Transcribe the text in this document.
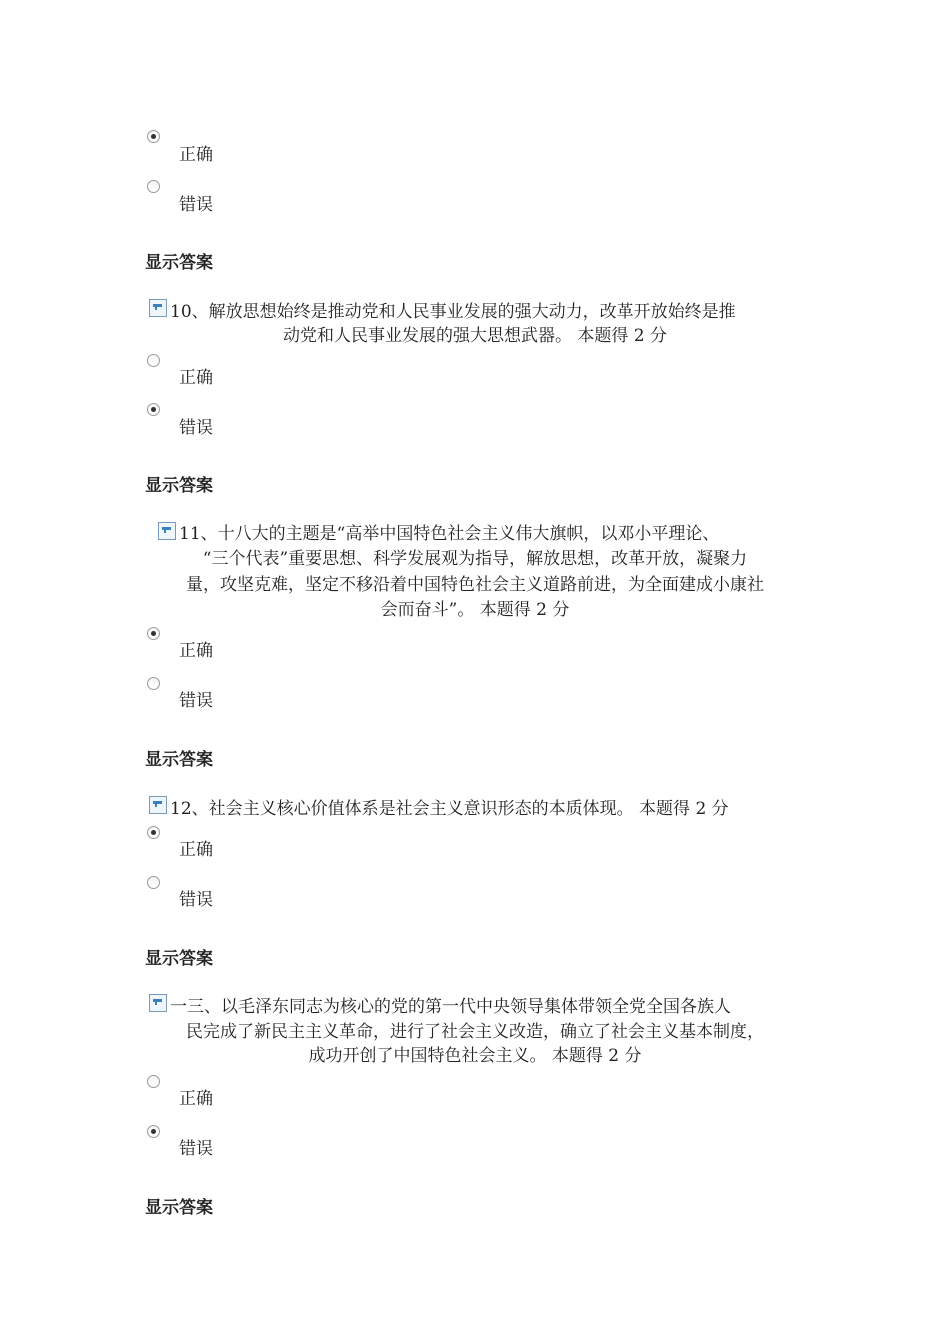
正确
错误
显示答案
10、解放思想始终是推动党和人民事业发展的强大动力，改革开放始终是推
动党和人民事业发展的强大思想武器。 本题得 2 分
正确
错误
显示答案
11、十八大的主题是“高举中国特色社会主义伟大旗帜，以邓小平理论、
“三个代表”重要思想、科学发展观为指导，解放思想，改革开放，凝聚力
量，攻坚克难，坚定不移沿着中国特色社会主义道路前进，为全面建成小康社
会而奋斗”。 本题得 2 分
正确
错误
显示答案
12、社会主义核心价值体系是社会主义意识形态的本质体现。 本题得 2 分
正确
错误
显示答案
一三、以毛泽东同志为核心的党的第一代中央领导集体带领全党全国各族人
民完成了新民主主义革命，进行了社会主义改造，确立了社会主义基本制度，
成功开创了中国特色社会主义。 本题得 2 分
正确
错误
显示答案
